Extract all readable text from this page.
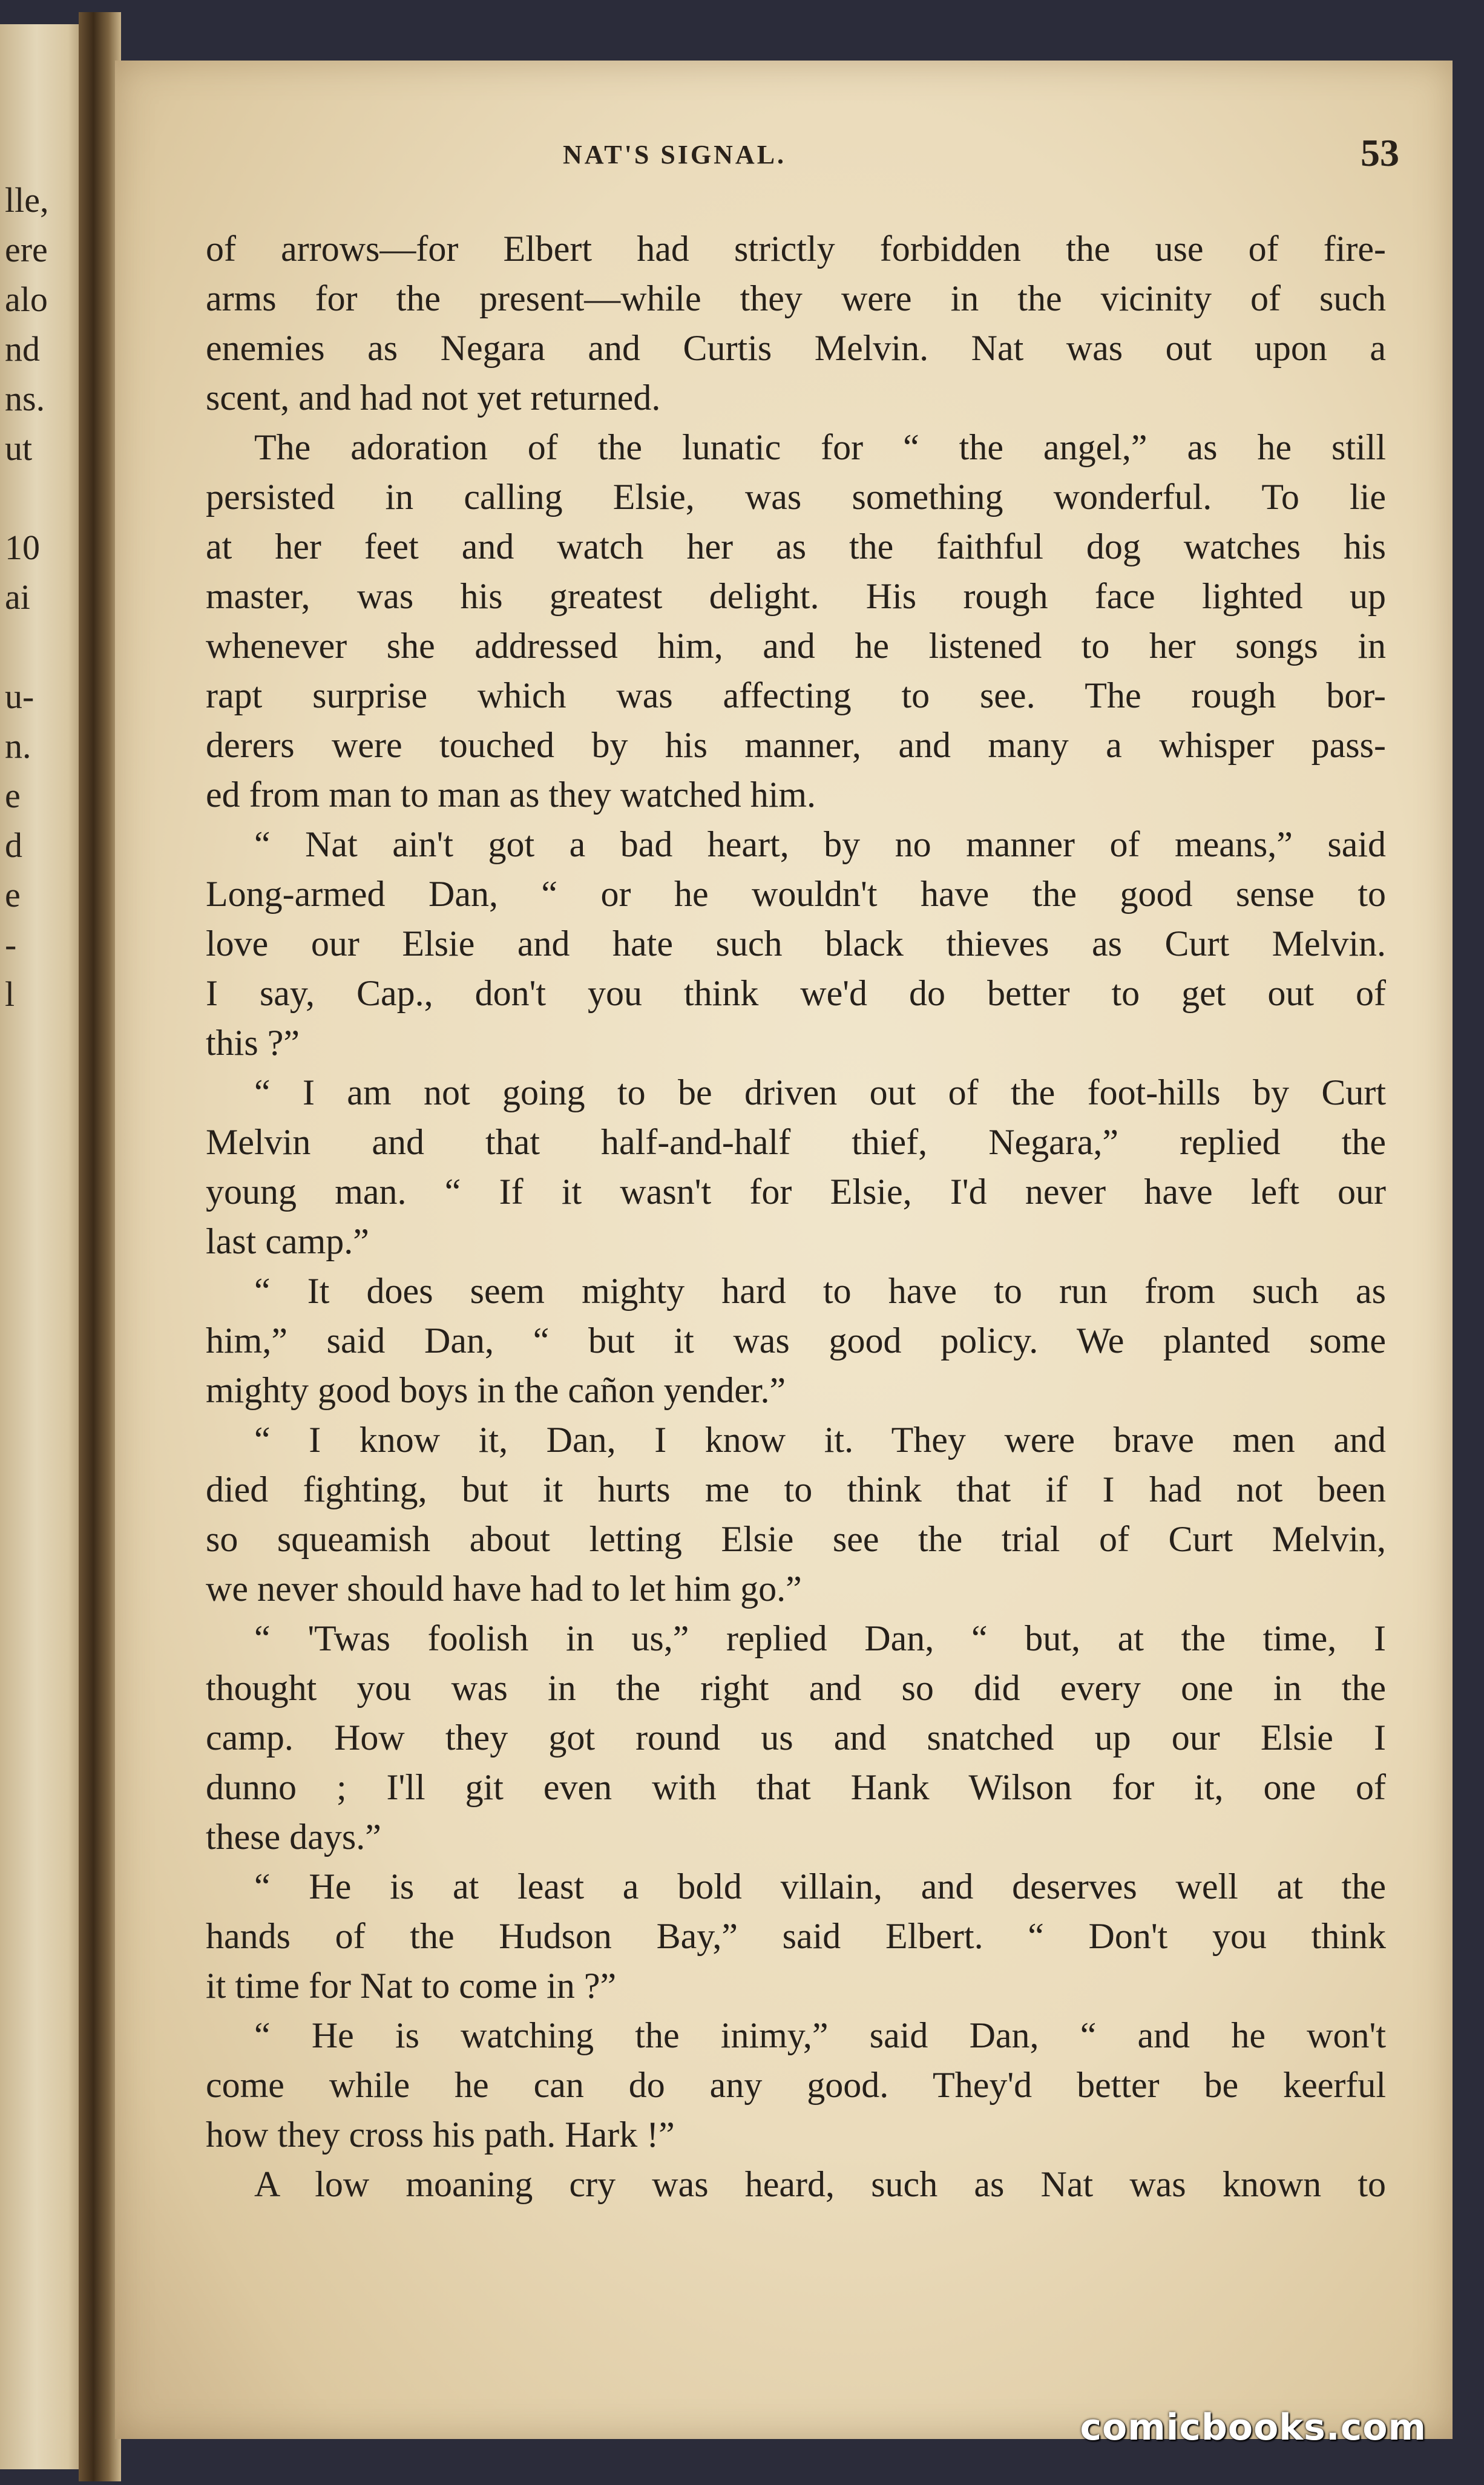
lle,
ere
alo
nd
ns.
ut
10
ai
u-
n.
e
d
e
-
l
NAT'S SIGNAL.	53
of arrows—for Elbert had strictly forbidden the use of fire-
arms for the present—while they were in the vicinity of such
enemies as Negara and Curtis Melvin. Nat was out upon a
scent, and had not yet returned.
The adoration of the lunatic for “ the angel,” as he still
persisted in calling Elsie, was something wonderful. To lie
at her feet and watch her as the faithful dog watches his
master, was his greatest delight. His rough face lighted up
whenever she addressed him, and he listened to her songs in
rapt surprise which was affecting to see. The rough bor-
derers were touched by his manner, and many a whisper pass-
ed from man to man as they watched him.
“ Nat ain't got a bad heart, by no manner of means,” said
Long-armed Dan, “ or he wouldn't have the good sense to
love our Elsie and hate such black thieves as Curt Melvin.
I say, Cap., don't you think we'd do better to get out of
this ?”
“ I am not going to be driven out of the foot-hills by Curt
Melvin and that half-and-half thief, Negara,” replied the
young man. “ If it wasn't for Elsie, I'd never have left our
last camp.”
“ It does seem mighty hard to have to run from such as
him,” said Dan, “ but it was good policy. We planted some
mighty good boys in the cañon yender.”
“ I know it, Dan, I know it. They were brave men and
died fighting, but it hurts me to think that if I had not been
so squeamish about letting Elsie see the trial of Curt Melvin,
we never should have had to let him go.”
“ 'Twas foolish in us,” replied Dan, “ but, at the time, I
thought you was in the right and so did every one in the
camp. How they got round us and snatched up our Elsie I
dunno ; I'll git even with that Hank Wilson for it, one of
these days.”
“ He is at least a bold villain, and deserves well at the
hands of the Hudson Bay,” said Elbert. “ Don't you think
it time for Nat to come in ?”
“ He is watching the inimy,” said Dan, “ and he won't
come while he can do any good. They'd better be keerful
how they cross his path. Hark !”
A low moaning cry was heard, such as Nat was known to
comicbooks.com
